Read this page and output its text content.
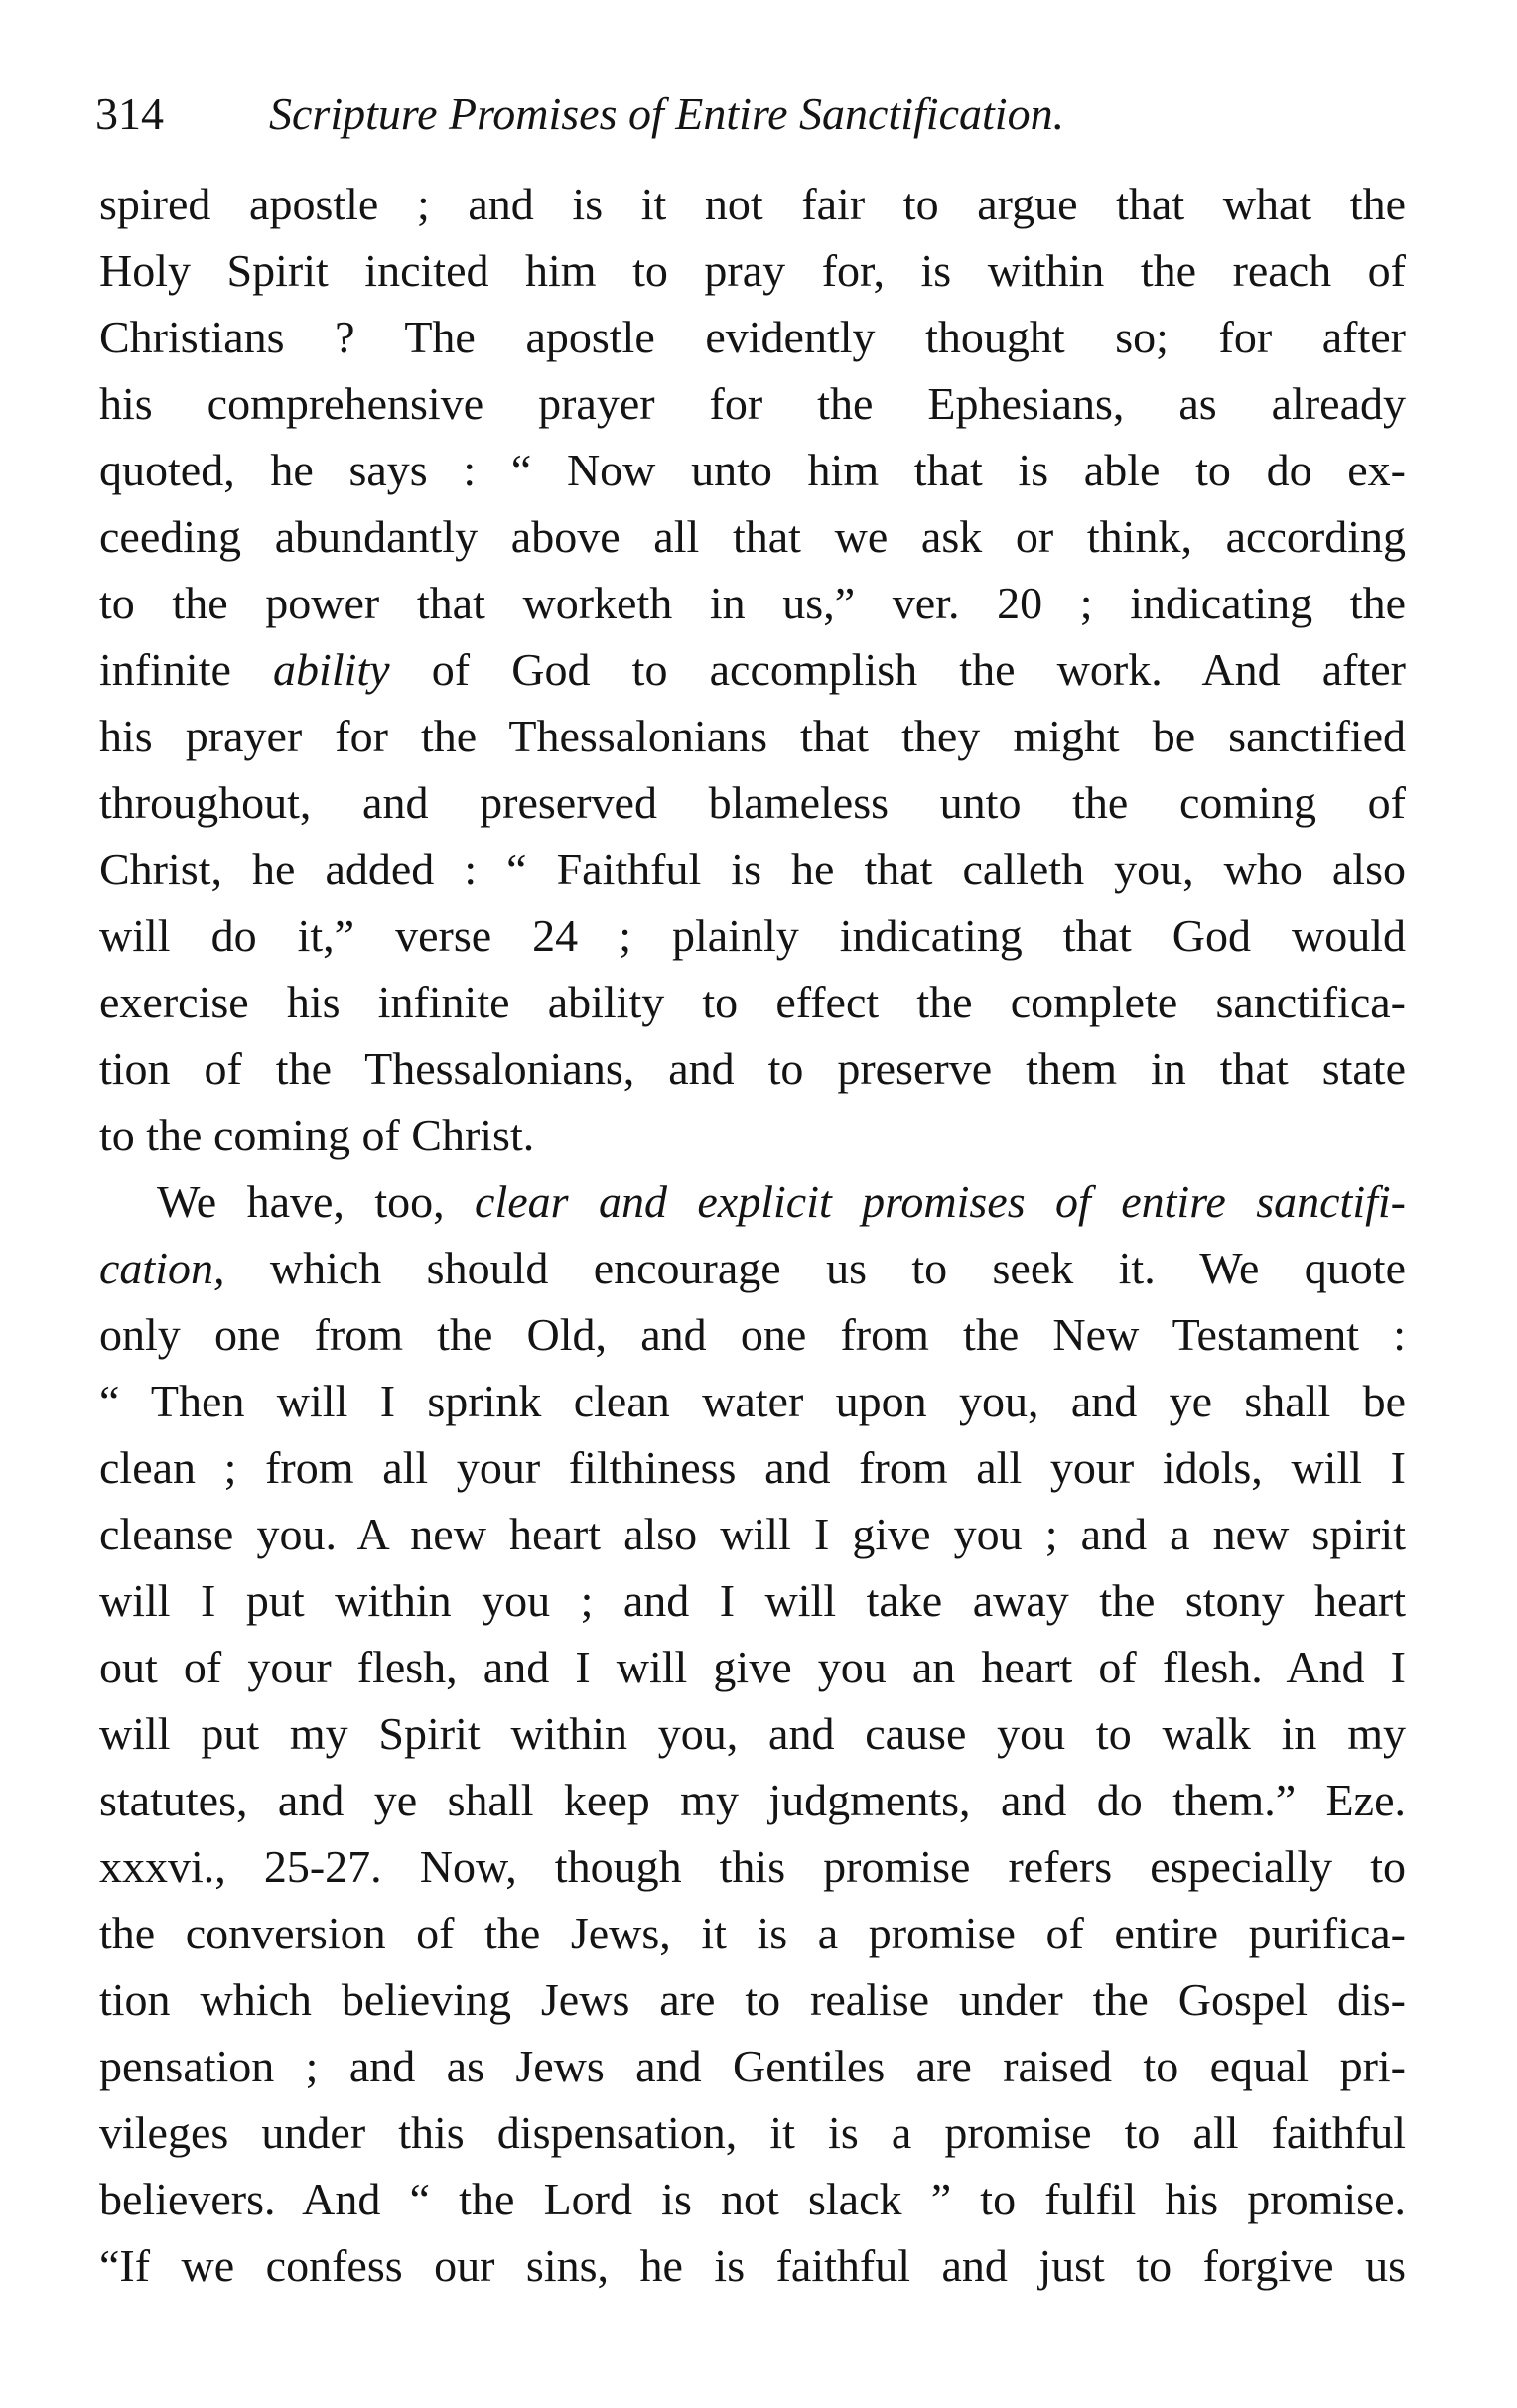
314 Scripture Promises of Entire Sanctification.
spired apostle ; and is it not fair to argue that what the
Holy Spirit incited him to pray for, is within the reach of
Christians ? The apostle evidently thought so; for after
his comprehensive prayer for the Ephesians, as already
quoted, he says : “ Now unto him that is able to do ex-
ceeding abundantly above all that we ask or think, according
to the power that worketh in us,” ver. 20 ; indicating the
infinite ability of God to accomplish the work. And after
his prayer for the Thessalonians that they might be sanctified
throughout, and preserved blameless unto the coming of
Christ, he added : “ Faithful is he that calleth you, who also
will do it,” verse 24 ; plainly indicating that God would
exercise his infinite ability to effect the complete sanctifica-
tion of the Thessalonians, and to preserve them in that state
to the coming of Christ.
We have, too, clear and explicit promises of entire sanctifi-
cation, which should encourage us to seek it. We quote
only one from the Old, and one from the New Testament :
“ Then will I sprink clean water upon you, and ye shall be
clean ; from all your filthiness and from all your idols, will I
cleanse you. A new heart also will I give you ; and a new spirit
will I put within you ; and I will take away the stony heart
out of your flesh, and I will give you an heart of flesh. And I
will put my Spirit within you, and cause you to walk in my
statutes, and ye shall keep my judgments, and do them.” Eze.
xxxvi., 25-27. Now, though this promise refers especially to
the conversion of the Jews, it is a promise of entire purifica-
tion which believing Jews are to realise under the Gospel dis-
pensation ; and as Jews and Gentiles are raised to equal pri-
vileges under this dispensation, it is a promise to all faithful
believers. And “ the Lord is not slack ” to fulfil his promise.
“If we confess our sins, he is faithful and just to forgive us
